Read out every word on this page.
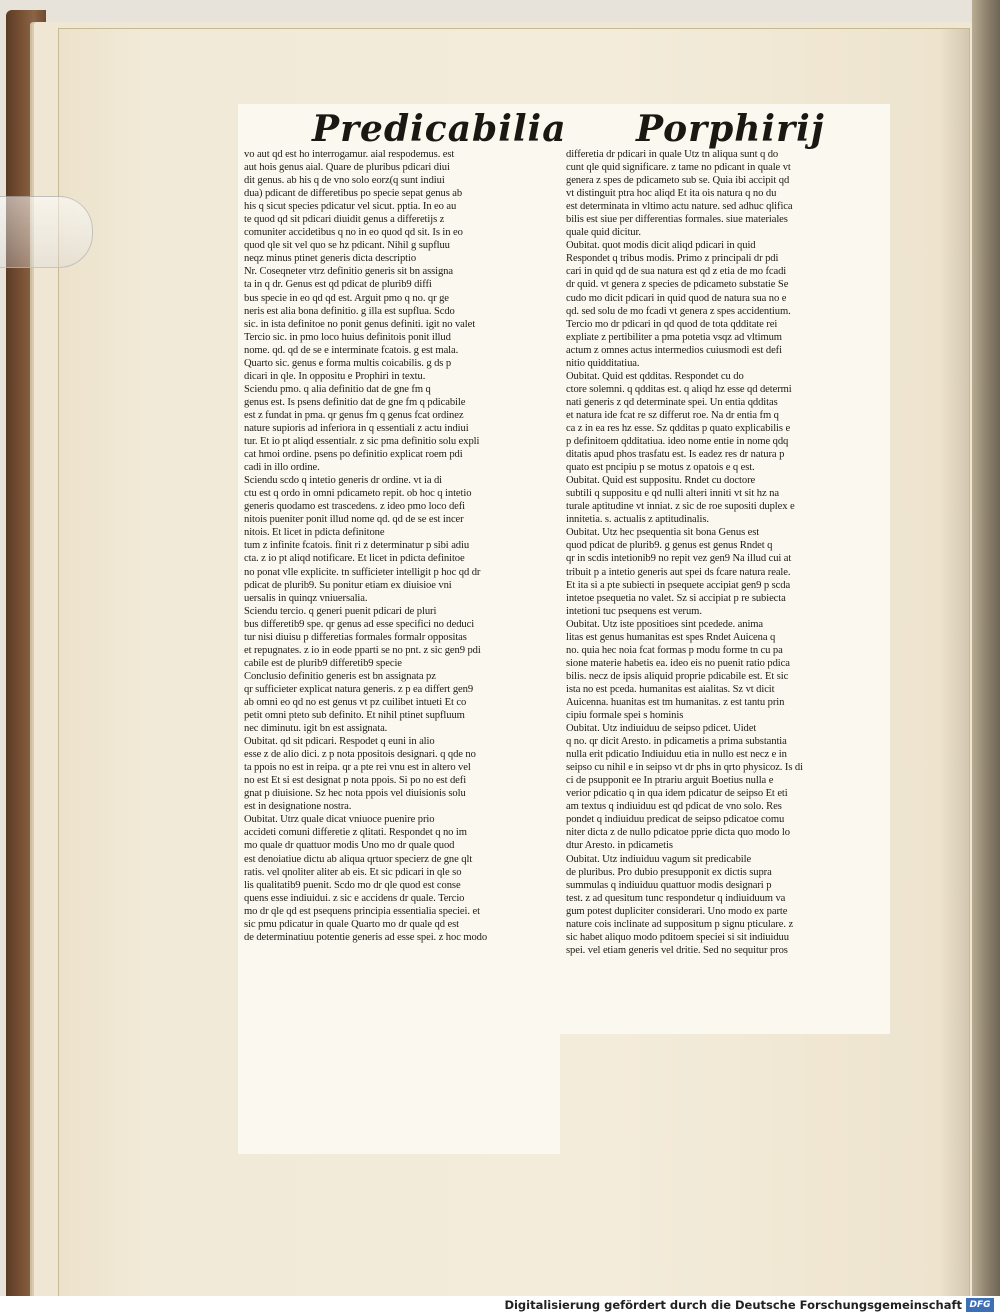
Predicabilia Porphirij
vo aut qd est ho interrogamur. aial respodemus. est
aut hois genus aial. Quare de pluribus pdicari diui
dit genus. ab his q de vno solo eorz(q sunt indiui
dua) pdicant de differetibus po specie sepat genus ab
his q sicut species pdicatur vel sicut. pptia. In eo au
te quod qd sit pdicari diuidit genus a differetijs z
comuniter accidetibus q no in eo quod qd sit. Is in eo
quod qle sit vel quo se hz pdicant. Nihil g supfluu
neqz minus ptinet generis dicta descriptio
Nr. Coseqneter vtrz definitio generis sit bn assigna
ta in q dr. Genus est qd pdicat de plurib9 diffi
bus specie in eo qd qd est. Arguit pmo q no. qr ge
neris est alia bona definitio. g illa est supflua. Scdo
sic. in ista definitoe no ponit genus definiti. igit no valet
Tercio sic. in pmo loco huius definitois ponit illud
nome. qd. qd de se e interminate fcatois. g est mala.
Quarto sic. genus e forma multis coicabilis. g ds p
dicari in qle. In oppositu e Prophiri in textu.
Sciendu pmo. q alia definitio dat de gne fm q
genus est. Is psens definitio dat de gne fm q pdicabile
est z fundat in pma. qr genus fm q genus fcat ordinez
nature supioris ad inferiora in q essentiali z actu indiui
tur. Et io pt aliqd essentialr. z sic pma definitio solu expli
cat hmoi ordine. psens po definitio explicat roem pdi
cadi in illo ordine.
Sciendu scdo q intetio generis dr ordine. vt ia di
ctu est q ordo in omni pdicameto repit. ob hoc q intetio
generis quodamo est trascedens. z ideo pmo loco defi
nitois pueniter ponit illud nome qd. qd de se est incer
nitois. Et licet in pdicta definitone
tum z infinite fcatois. finit ri z determinatur p sibi adiu
cta. z io pt aliqd notificare. Et licet in pdicta definitoe
no ponat vlle explicite. tn sufficieter intelligit p hoc qd dr
pdicat de plurib9. Su ponitur etiam ex diuisioe vni
uersalis in quinqz vniuersalia.
Sciendu tercio. q generi puenit pdicari de pluri
bus differetib9 spe. qr genus ad esse specifici no deduci
tur nisi diuisu p differetias formales formalr oppositas
et repugnates. z io in eode pparti se no pnt. z sic gen9 pdi
cabile est de plurib9 differetib9 specie
Conclusio definitio generis est bn assignata pz
qr sufficieter explicat natura generis. z p ea differt gen9
ab omni eo qd no est genus vt pz cuilibet intueti Et co
petit omni pteto sub definito. Et nihil ptinet supfluum
nec diminutu. igit bn est assignata.
Oubitat. qd sit pdicari. Respodet q euni in alio
esse z de alio dici. z p nota ppositois designari. q qde no
ta ppois no est in reipa. qr a pte rei vnu est in altero vel
no est Et si est designat p nota ppois. Si po no est defi
gnat p diuisione. Sz hec nota ppois vel diuisionis solu
est in designatione nostra.
Oubitat. Utrz quale dicat vniuoce puenire prio
accideti comuni differetie z qlitati. Respondet q no im
mo quale dr quattuor modis Uno mo dr quale quod
est denoiatiue dictu ab aliqua qrtuor specierz de gne qlt
ratis. vel qnoliter aliter ab eis. Et sic pdicari in qle so
lis qualitatib9 puenit. Scdo mo dr qle quod est conse
quens esse indiuidui. z sic e accidens dr quale. Tercio
mo dr qle qd est psequens principia essentialia speciei. et
sic pmu pdicatur in quale Quarto mo dr quale qd est
de determinatiuu potentie generis ad esse spei. z hoc modo
differetia dr pdicari in quale Utz tn aliqua sunt q do
cunt qle quid significare. z tame no pdicant in quale vt
genera z spes de pdicameto sub se. Quia ibi accipit qd
vt distinguit ptra hoc aliqd Et ita ois natura q no du
est determinata in vltimo actu nature. sed adhuc qlifica
bilis est siue per differentias formales. siue materiales
quale quid dicitur.
Oubitat. quot modis dicit aliqd pdicari in quid
Respondet q tribus modis. Primo z principali dr pdi
cari in quid qd de sua natura est qd z etia de mo fcadi
dr quid. vt genera z species de pdicameto substatie Se
cudo mo dicit pdicari in quid quod de natura sua no e
qd. sed solu de mo fcadi vt genera z spes accidentium.
Tercio mo dr pdicari in qd quod de tota qdditate rei
expliate z pertibiliter a pma potetia vsqz ad vltimum
actum z omnes actus intermedios cuiusmodi est defi
nitio quidditatiua.
Oubitat. Quid est qdditas. Respondet cu do
ctore solemni. q qdditas est. q aliqd hz esse qd determi
nati generis z qd determinate spei. Un entia qdditas
et natura ide fcat re sz differut roe. Na dr entia fm q
ca z in ea res hz esse. Sz qdditas p quato explicabilis e
p definitoem qdditatiua. ideo nome entie in nome qdq
ditatis apud phos trasfatu est. Is eadez res dr natura p
quato est pncipiu p se motus z opatois e q est.
Oubitat. Quid est suppositu. Rndet cu doctore
subtili q suppositu e qd nulli alteri inniti vt sit hz na
turale aptitudine vt inniat. z sic de roe supositi duplex e
innitetia. s. actualis z aptitudinalis.
Oubitat. Utz hec psequentia sit bona Genus est
quod pdicat de plurib9. g genus est genus Rndet q
qr in scdis intetionib9 no repit vez gen9 Na illud cui at
tribuit p a intetio generis aut spei ds fcare natura reale.
Et ita si a pte subiecti in psequete accipiat gen9 p scda
intetoe psequetia no valet. Sz si accipiat p re subiecta
intetioni tuc psequens est verum.
Oubitat. Utz iste ppositioes sint pcedede. anima
litas est genus humanitas est spes Rndet Auicena q
no. quia hec noia fcat formas p modu forme tn cu pa
sione materie habetis ea. ideo eis no puenit ratio pdica
bilis. necz de ipsis aliquid proprie pdicabile est. Et sic
ista no est pceda. humanitas est aialitas. Sz vt dicit
Auicenna. huanitas est tm humanitas. z est tantu prin
cipiu formale spei s hominis
Oubitat. Utz indiuiduu de seipso pdicet. Uidet
q no. qr dicit Aresto. in pdicametis a prima substantia
nulla erit pdicatio Indiuiduu etia in nullo est necz e in
seipso cu nihil e in seipso vt dr phs in qrto physicoz. Is di
ci de psupponit ee In ptrariu arguit Boetius nulla e
verior pdicatio q in qua idem pdicatur de seipso Et eti
am textus q indiuiduu est qd pdicat de vno solo. Res
pondet q indiuiduu predicat de seipso pdicatoe comu
niter dicta z de nullo pdicatoe pprie dicta quo modo lo
dtur Aresto. in pdicametis
Oubitat. Utz indiuiduu vagum sit predicabile
de pluribus. Pro dubio presupponit ex dictis supra
summulas q indiuiduu quattuor modis designari p
test. z ad quesitum tunc respondetur q indiuiduum va
gum potest dupliciter considerari. Uno modo ex parte
nature cois inclinate ad suppositum p signu pticulare. z
sic habet aliquo modo pditoem speciei si sit indiuiduu
spei. vel etiam generis vel dritie. Sed no sequitur pros
Digitalisierung gefördert durch die Deutsche Forschungsgemeinschaft DFG
